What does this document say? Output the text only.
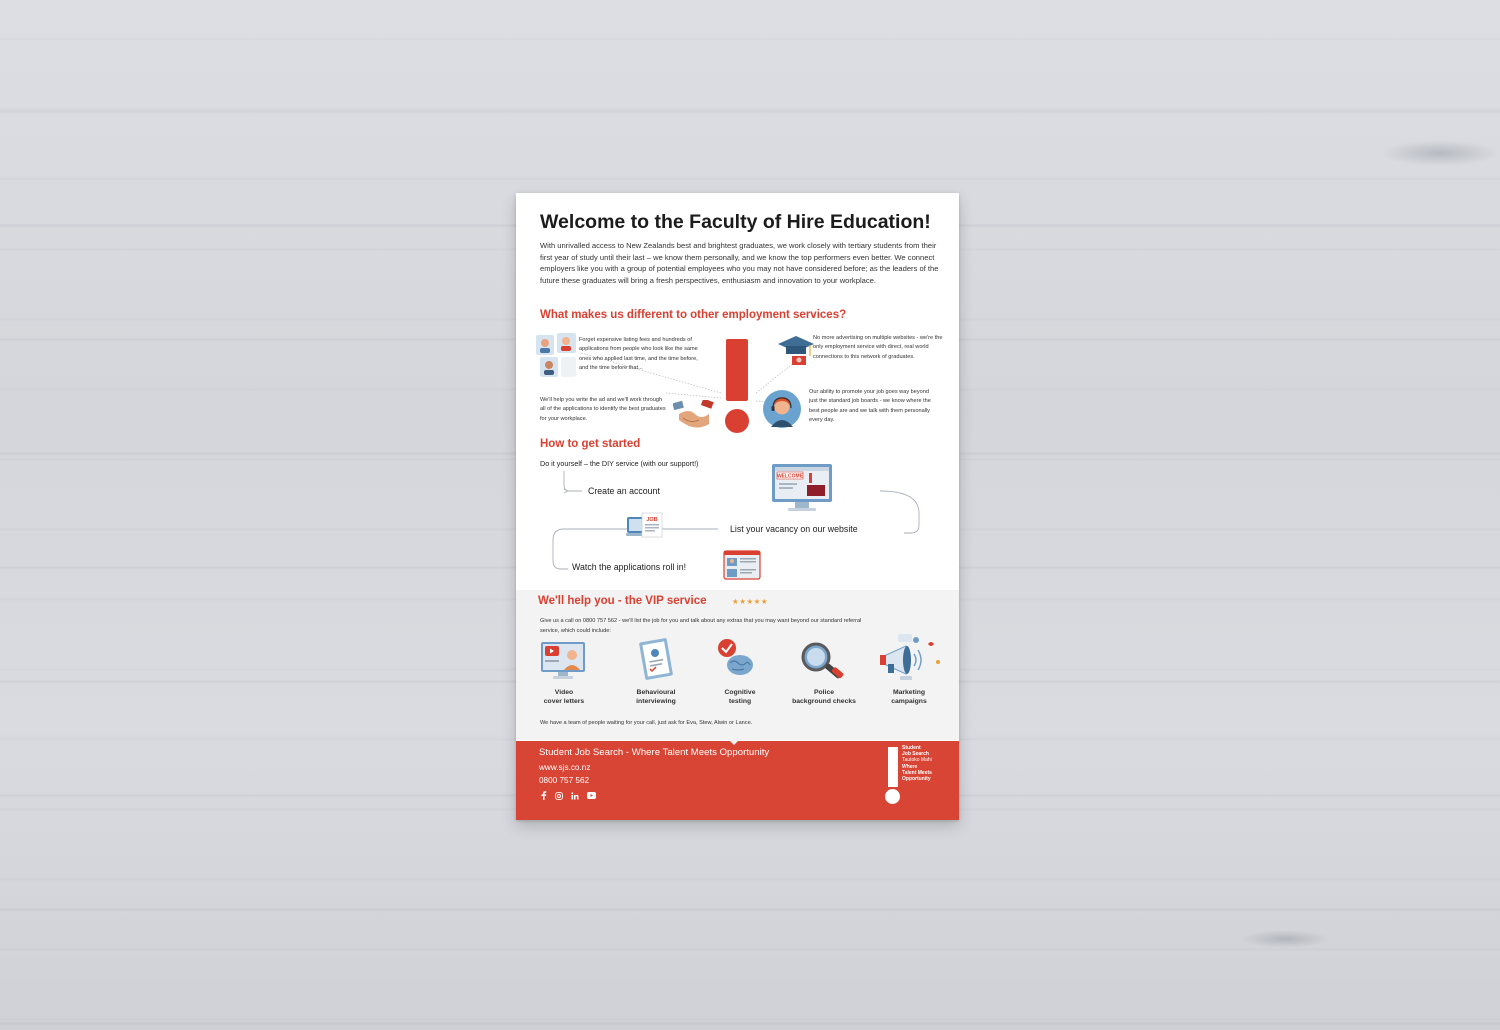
Welcome to the Faculty of Hire Education!
With unrivalled access to New Zealands best and brightest graduates, we work closely with tertiary students from their first year of study until their last – we know them personally, and we know the top performers even better. We connect employers like you with a group of potential employees who you may not have considered before; as the leaders of the future these graduates will bring a fresh perspectives, enthusiasm and innovation to your workplace.
What makes us different to other employment services?
Forget expensive listing fees and hundreds of applications from people who look like the same ones who applied last time, and the time before, and the time before that...
We'll help you write the ad and we'll work through all of the applications to identify the best graduates for your workplace.
No more advertising on multiple websites - we're the only employment service with direct, real world connections to this network of graduates.
Our ability to promote your job goes way beyond just the standard job boards - we know where the best people are and we talk with them personally every day.
How to get started
Do it yourself – the DIY service (with our support!)
Create an account
WELCOME
JOB
List your vacancy on our website
Watch the applications roll in!
We'll help you - the VIP service	★★★★★
Give us a call on 0800 757 562 - we'll list the job for you and talk about any extras that you may want beyond our standard referral service, which could include:
Video
cover letters
Behavioural
interviewing
Cognitive
testing
Police
background checks
Marketing
campaigns
We have a team of people waiting for your call, just ask for Eva, Stew, Alwin or Lance.
Student Job Search - Where Talent Meets Opportunity
www.sjs.co.nz
0800 757 562
Student
Job Search
Tautoko Mahi
Where
Talent Meets
Opportunity
